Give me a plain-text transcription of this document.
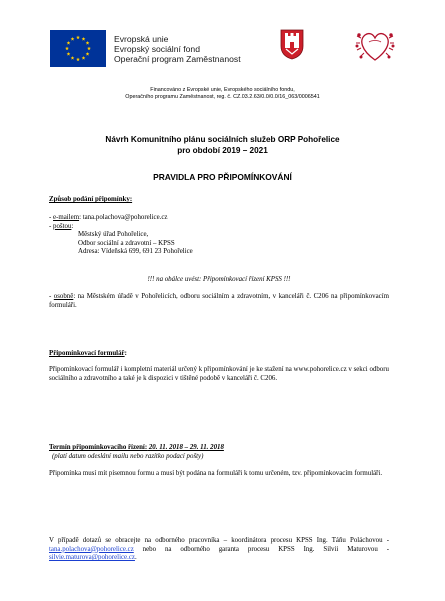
Evropská unie
Evropský sociální fond
Operační program Zaměstnanost
Financováno z Evropské unie, Evropského sociálního fondu,
Operačního programu Zaměstnanost, reg. č. CZ.03.2.63/0.0/0.0/16_063/0006541
Návrh Komunitního plánu sociálních služeb ORP Pohořelice
pro období 2019 – 2021
PRAVIDLA PRO PŘIPOMÍNKOVÁNÍ
Způsob podání připomínky:
- e-mailem: tana.polachova@pohorelice.cz
- poštou:
Městský úřad Pohořelice,
Odbor sociální a zdravotní – KPSS
Adresa: Vídeňská 699, 691 23 Pohořelice
!!! na obálce uvést: Připomínkovací řízení KPSS !!!
- osobně: na Městském úřadě v Pohořelicích, odboru sociálním a zdravotním, v kanceláři č. C206 na připomínkovacím formuláři.
Připomínkovací formulář:
Připomínkovací formulář i kompletní materiál určený k připomínkování je ke stažení na www.pohorelice.cz v sekci odboru sociálního a zdravotního a také je k dispozici v tištěné podobě v kanceláři č. C206.
Termín připomínkovacího řízení: 20. 11. 2018 – 29. 11. 2018
(platí datum odeslání mailu nebo razítko podací pošty)
Připomínka musí mít písemnou formu a musí být podána na formuláři k tomu určeném, tzv. připomínkovacím formuláři.
V případě dotazů se obracejte na odborného pracovníka – koordinátora procesu KPSS Ing. Táňu Poláchovou - tana.polachova@pohorelice.cz nebo na odborného garanta procesu KPSS Ing. Silvii Maturovou - silvie.maturova@pohorelice.cz.
